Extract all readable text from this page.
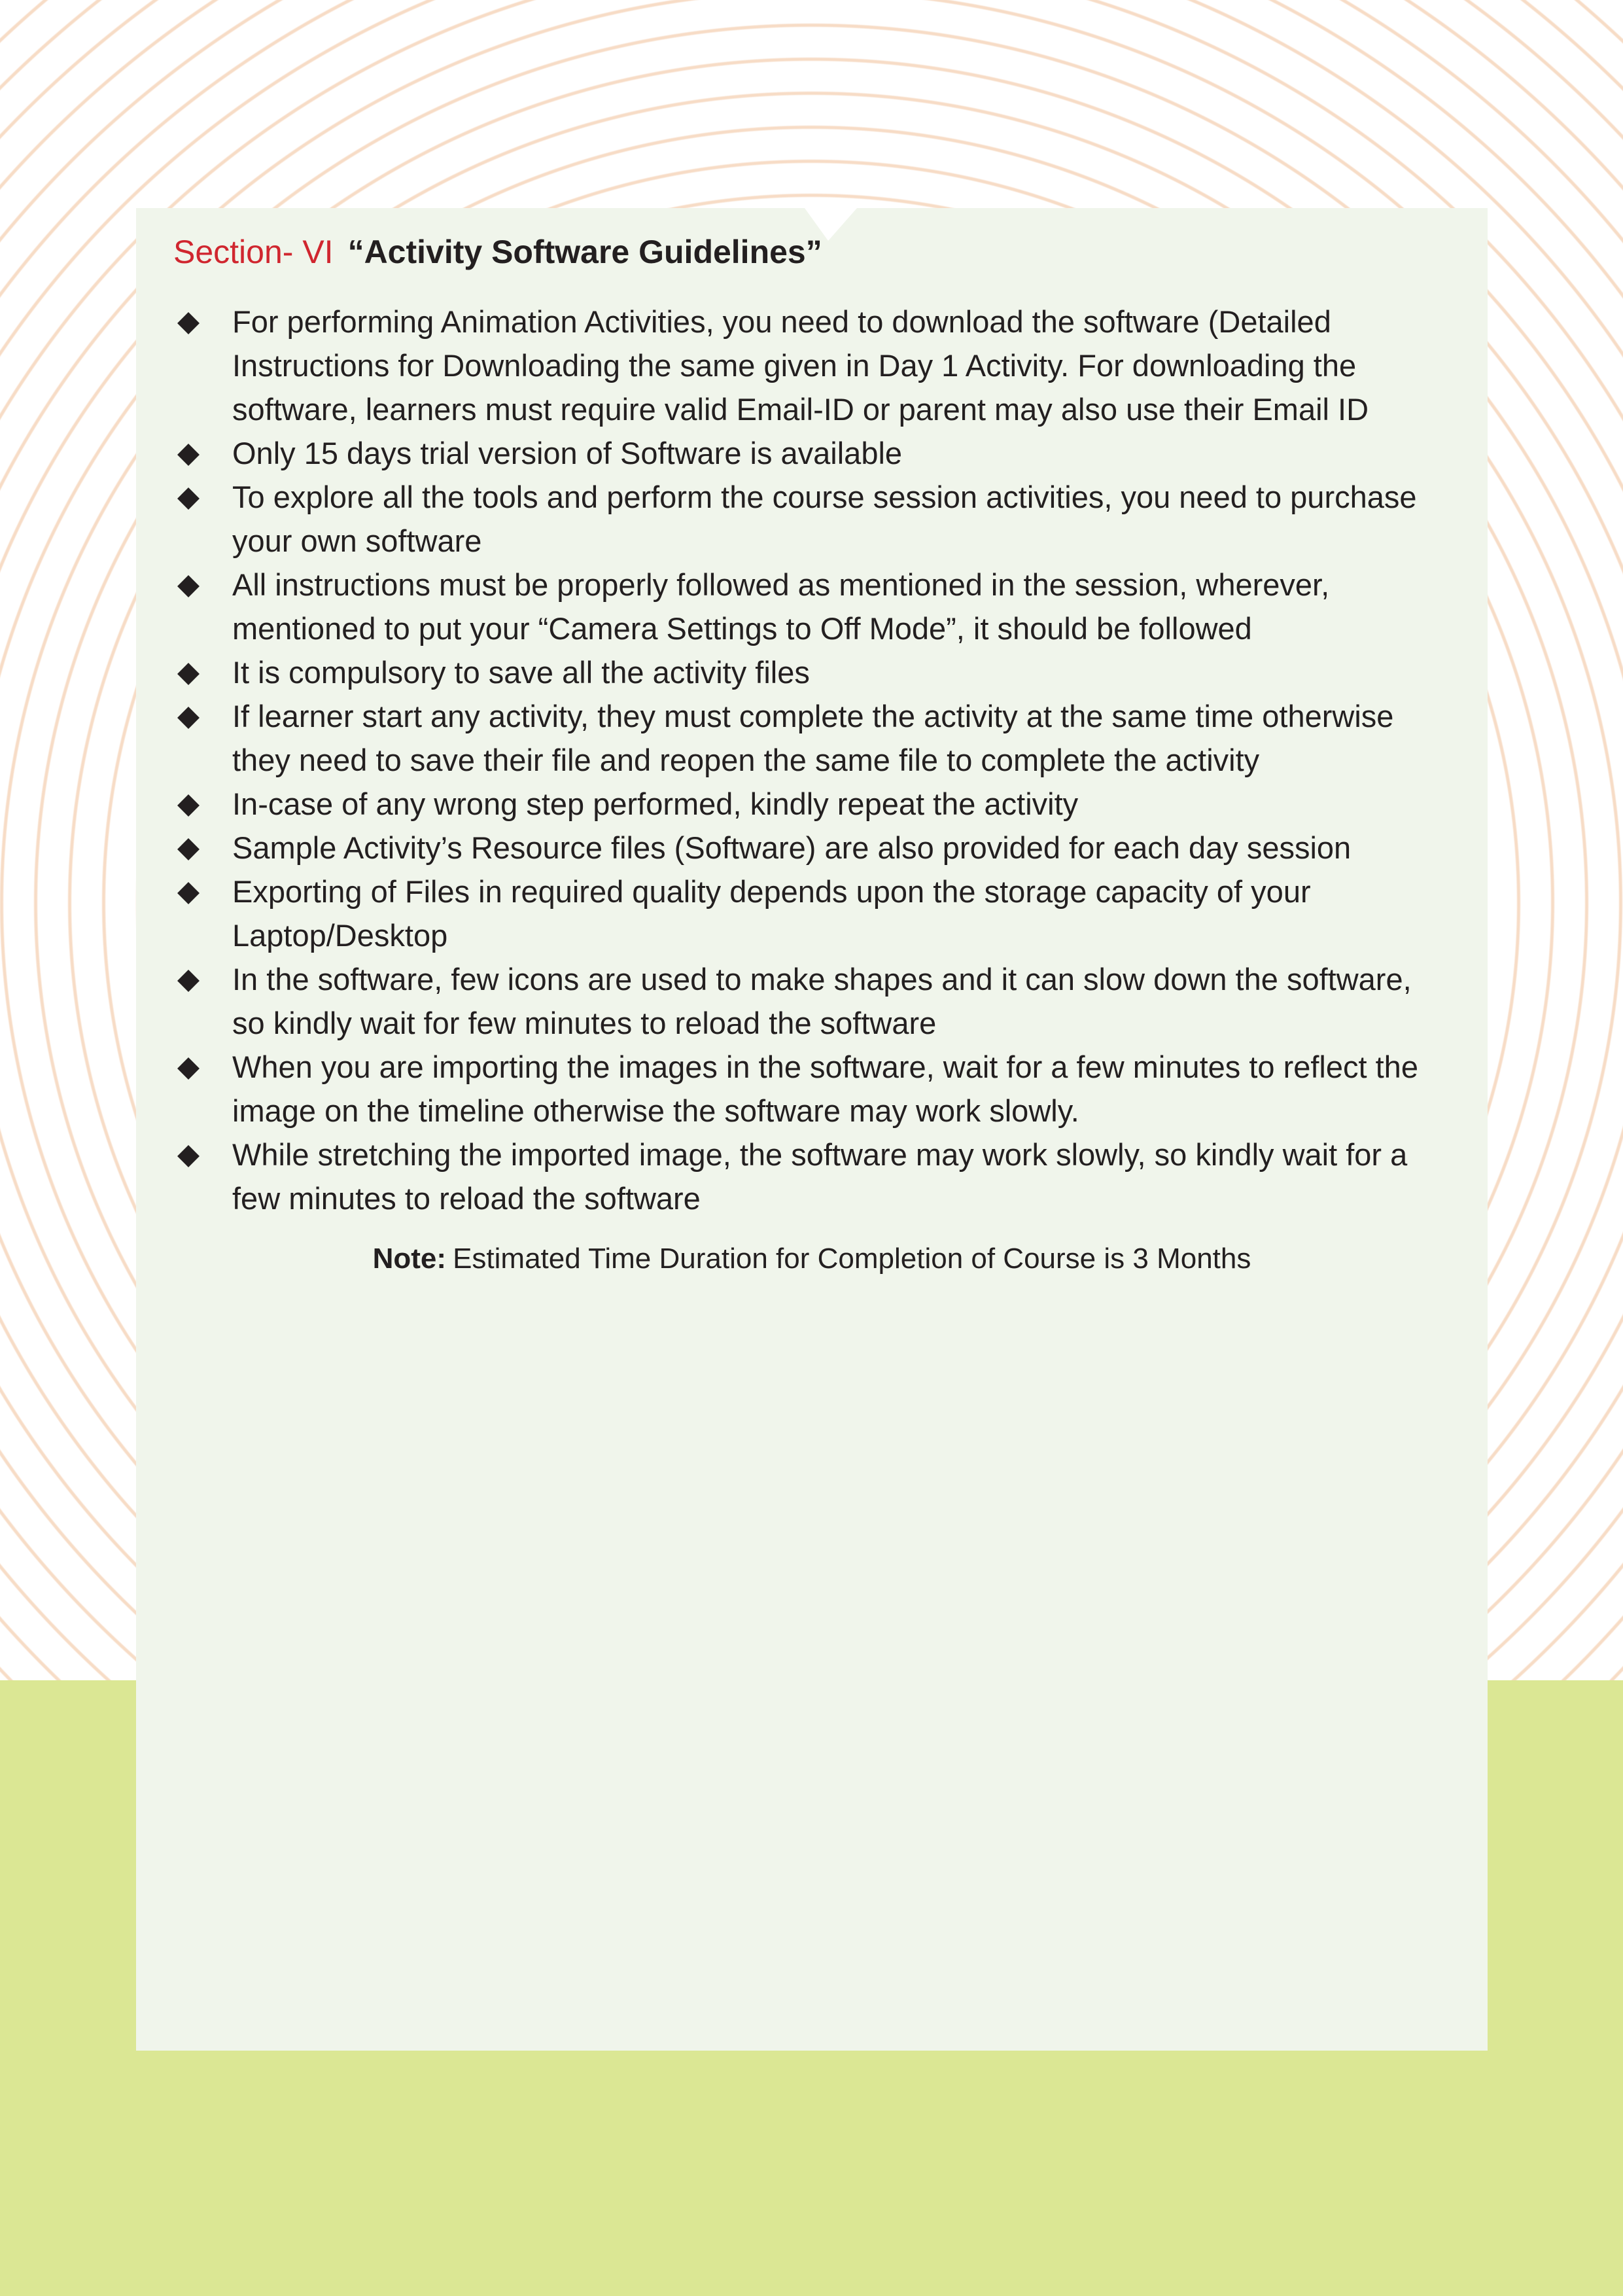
Section- VI “Activity Software Guidelines”
For performing Animation Activities, you need to download the software (Detailed Instructions for Downloading the same given in Day 1 Activity. For downloading the software, learners must require valid Email-ID or parent may also use their Email ID
Only 15 days trial version of Software is available
To explore all the tools and perform the course session activities, you need to purchase your own software
All instructions must be properly followed as mentioned in the session, wherever, mentioned to put your “Camera Settings to Off Mode”, it should be followed
It is compulsory to save all the activity files
If learner start any activity, they must complete the activity at the same time otherwise they need to save their file and reopen the same file to complete the activity
In-case of any wrong step performed, kindly repeat the activity
Sample Activity’s Resource files (Software) are also provided for each day session
Exporting of Files in required quality depends upon the storage capacity of your Laptop/Desktop
In the software, few icons are used to make shapes and it can slow down the software, so kindly wait for few minutes to reload the software
When you are importing the images in the software, wait for a few minutes to reflect the image on the timeline otherwise the software may work slowly.
While stretching the imported image, the software may work slowly, so kindly wait for a few minutes to reload the software
Note: Estimated Time Duration for Completion of Course is 3 Months
